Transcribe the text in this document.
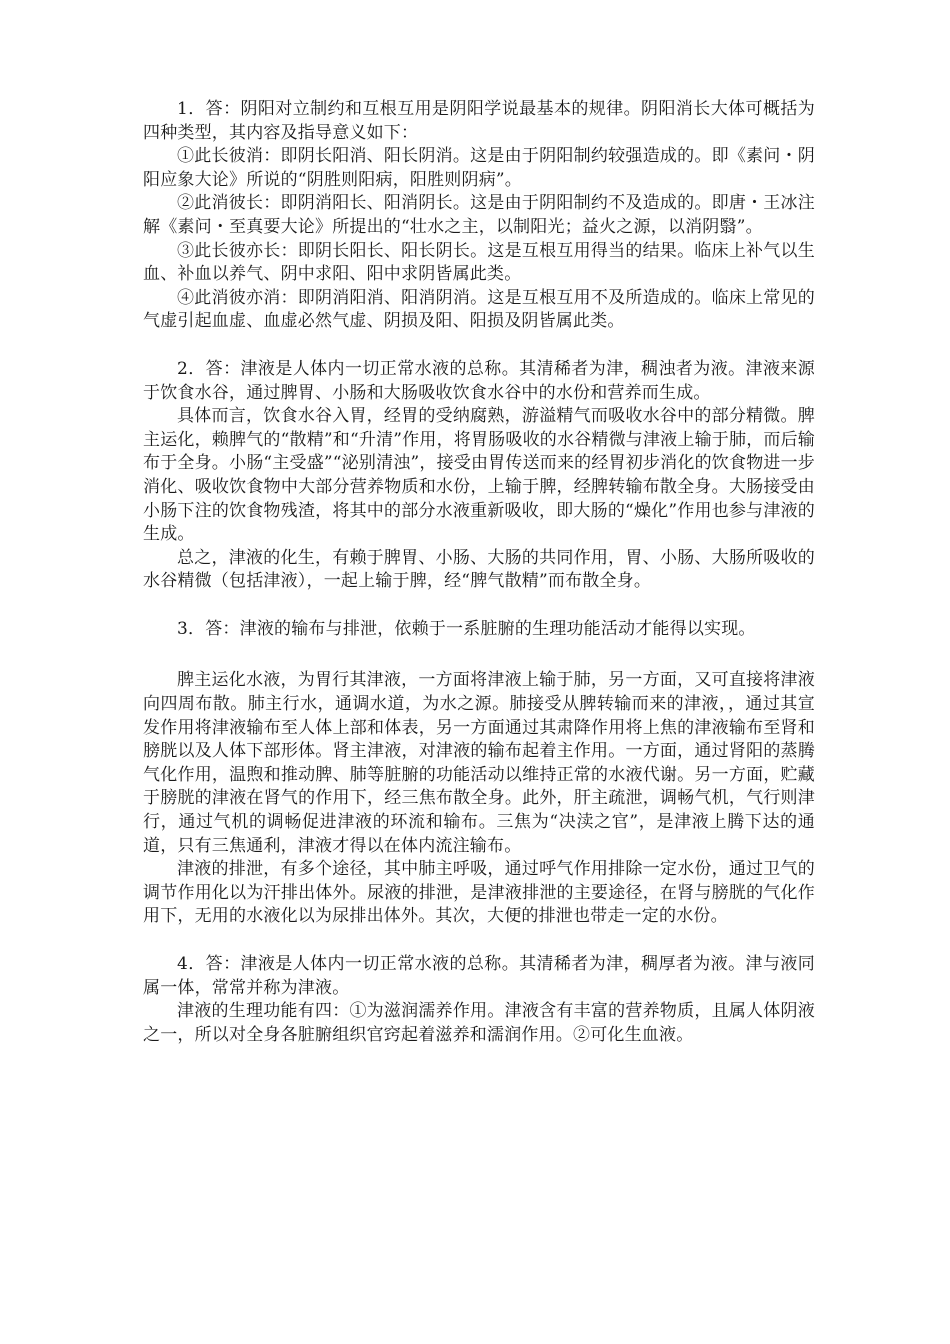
1．答：阴阳对立制约和互根互用是阴阳学说最基本的规律。阴阳消长大体可概括为四种类型，其内容及指导意义如下：

①此长彼消：即阴长阳消、阳长阴消。这是由于阴阳制约较强造成的。即《素问・阴阳应象大论》所说的“阴胜则阳病，阳胜则阴病”。

②此消彼长：即阴消阳长、阳消阴长。这是由于阴阳制约不及造成的。即唐・王冰注解《素问・至真要大论》所提出的“壮水之主，以制阳光；益火之源，以消阴翳”。

③此长彼亦长：即阴长阳长、阳长阴长。这是互根互用得当的结果。临床上补气以生血、补血以养气、阴中求阳、阳中求阴皆属此类。

④此消彼亦消：即阴消阳消、阳消阴消。这是互根互用不及所造成的。临床上常见的气虚引起血虚、血虚必然气虚、阴损及阳、阳损及阴皆属此类。

2．答：津液是人体内一切正常水液的总称。其清稀者为津，稠浊者为液。津液来源于饮食水谷，通过脾胃、小肠和大肠吸收饮食水谷中的水份和营养而生成。

具体而言，饮食水谷入胃，经胃的受纳腐熟，游溢精气而吸收水谷中的部分精微。脾主运化，赖脾气的“散精”和“升清”作用，将胃肠吸收的水谷精微与津液上输于肺，而后输布于全身。小肠“主受盛”“泌别清浊”，接受由胃传送而来的经胃初步消化的饮食物进一步消化、吸收饮食物中大部分营养物质和水份，上输于脾，经脾转输布散全身。大肠接受由小肠下注的饮食物残渣，将其中的部分水液重新吸收，即大肠的“燥化”作用也参与津液的生成。

总之，津液的化生，有赖于脾胃、小肠、大肠的共同作用，胃、小肠、大肠所吸收的水谷精微（包括津液），一起上输于脾，经“脾气散精”而布散全身。

3．答：津液的输布与排泄，依赖于一系脏腑的生理功能活动才能得以实现。

脾主运化水液，为胃行其津液，一方面将津液上输于肺，另一方面，又可直接将津液向四周布散。肺主行水，通调水道，为水之源。肺接受从脾转输而来的津液，，通过其宣发作用将津液输布至人体上部和体表，另一方面通过其肃降作用将上焦的津液输布至肾和膀胱以及人体下部形体。肾主津液，对津液的输布起着主作用。一方面，通过肾阳的蒸腾气化作用，温煦和推动脾、肺等脏腑的功能活动以维持正常的水液代谢。另一方面，贮藏于膀胱的津液在肾气的作用下，经三焦布散全身。此外，肝主疏泄，调畅气机，气行则津行，通过气机的调畅促进津液的环流和输布。三焦为“决渎之官”，是津液上腾下达的通道，只有三焦通利，津液才得以在体内流注输布。

津液的排泄，有多个途径，其中肺主呼吸，通过呼气作用排除一定水份，通过卫气的调节作用化以为汗排出体外。尿液的排泄，是津液排泄的主要途径，在肾与膀胱的气化作用下，无用的水液化以为尿排出体外。其次，大便的排泄也带走一定的水份。

4．答：津液是人体内一切正常水液的总称。其清稀者为津，稠厚者为液。津与液同属一体，常常并称为津液。

津液的生理功能有四：①为滋润濡养作用。津液含有丰富的营养物质，且属人体阴液之一，所以对全身各脏腑组织官窍起着滋养和濡润作用。②可化生血液。
